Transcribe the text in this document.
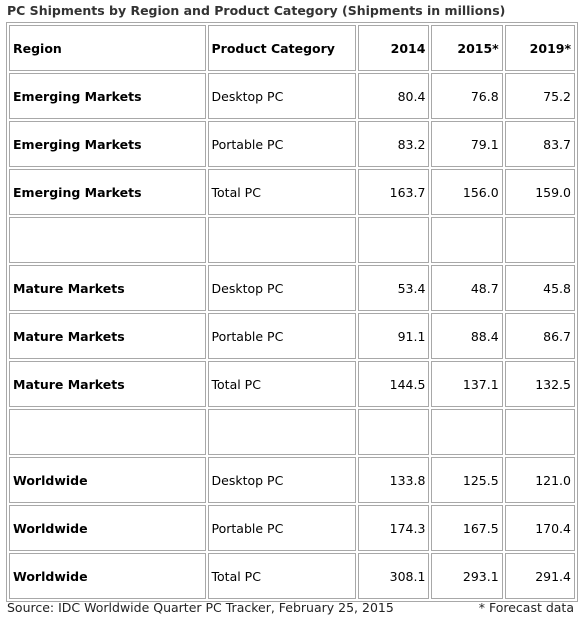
PC Shipments by Region and Product Category (Shipments in millions)
Region	Product Category	2014	2015*	2019*
Emerging Markets	Desktop PC	80.4	76.8	75.2
Emerging Markets	Portable PC	83.2	79.1	83.7
Emerging Markets	Total PC	163.7	156.0	159.0

Mature Markets	Desktop PC	53.4	48.7	45.8
Mature Markets	Portable PC	91.1	88.4	86.7
Mature Markets	Total PC	144.5	137.1	132.5

Worldwide	Desktop PC	133.8	125.5	121.0
Worldwide	Portable PC	174.3	167.5	170.4
Worldwide	Total PC	308.1	293.1	291.4
Source: IDC Worldwide Quarter PC Tracker, February 25, 2015	* Forecast data
